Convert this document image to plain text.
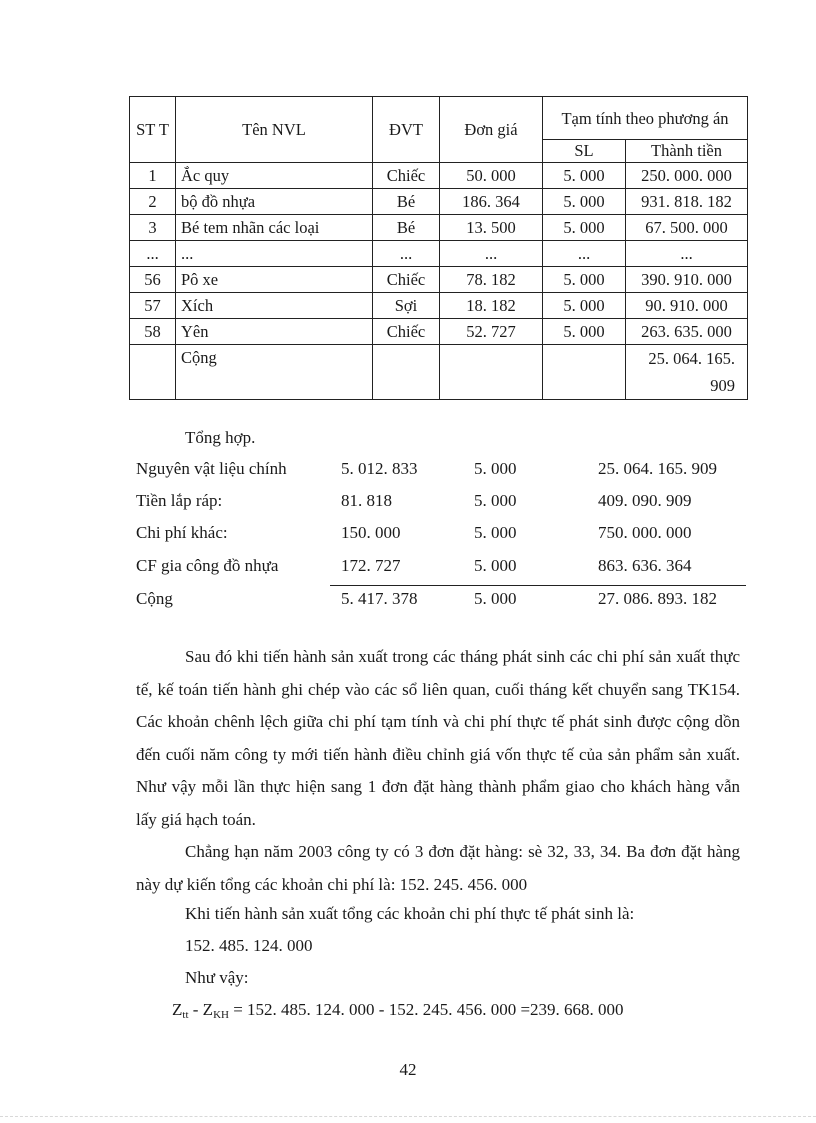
ST T	Tên NVL	ĐVT	Đơn giá	Tạm tính theo phương án	
				SL	Thành tiền
1	Ắc quy	Chiếc	50. 000	5. 000	250. 000. 000
2	bộ đồ nhựa	Bé	186. 364	5. 000	931. 818. 182
3	Bé tem nhãn các loại	Bé	13. 500	5. 000	67. 500. 000
...	...	...	...	...	...
56	Pô xe	Chiếc	78. 182	5. 000	390. 910. 000
57	Xích	Sợi	18. 182	5. 000	90. 910. 000
58	Yên	Chiếc	52. 727	5. 000	263. 635. 000
	Cộng				25. 064. 165. 909
Tổng hợp.
Nguyên vật liệu chính	5. 012. 833	5. 000	25. 064. 165. 909
Tiền lắp ráp:	81. 818	5. 000	409. 090. 909
Chi phí khác:	150. 000	5. 000	750. 000. 000
CF gia công đồ nhựa	172. 727	5. 000	863. 636. 364
Cộng	5. 417. 378	5. 000	27. 086. 893. 182
Sau đó khi tiến hành sản xuất trong các tháng phát sinh các chi phí sản xuất thực tế, kế toán tiến hành ghi chép vào các sổ liên quan, cuối tháng kết chuyển sang TK154. Các khoản chênh lệch giữa chi phí tạm tính và chi phí thực tế phát sinh được cộng dồn đến cuối năm công ty mới tiến hành điều chỉnh giá vốn thực tế của sản phẩm sản xuất. Như vậy mỗi lần thực hiện sang 1 đơn đặt hàng thành phẩm giao cho khách hàng vẫn lấy giá hạch toán.
Chẳng hạn năm 2003 công ty có 3 đơn đặt hàng: sè 32, 33, 34. Ba đơn đặt hàng này dự kiến tổng các khoản chi phí là: 152. 245. 456. 000
Khi tiến hành sản xuất tổng các khoản chi phí thực tế phát sinh là:
152. 485. 124. 000
Như vậy:
$Z_{tt} - Z_{KH} = 152$. 485. 124. 000 - 152. 245. 456. 000 =239. 668. 000
42
